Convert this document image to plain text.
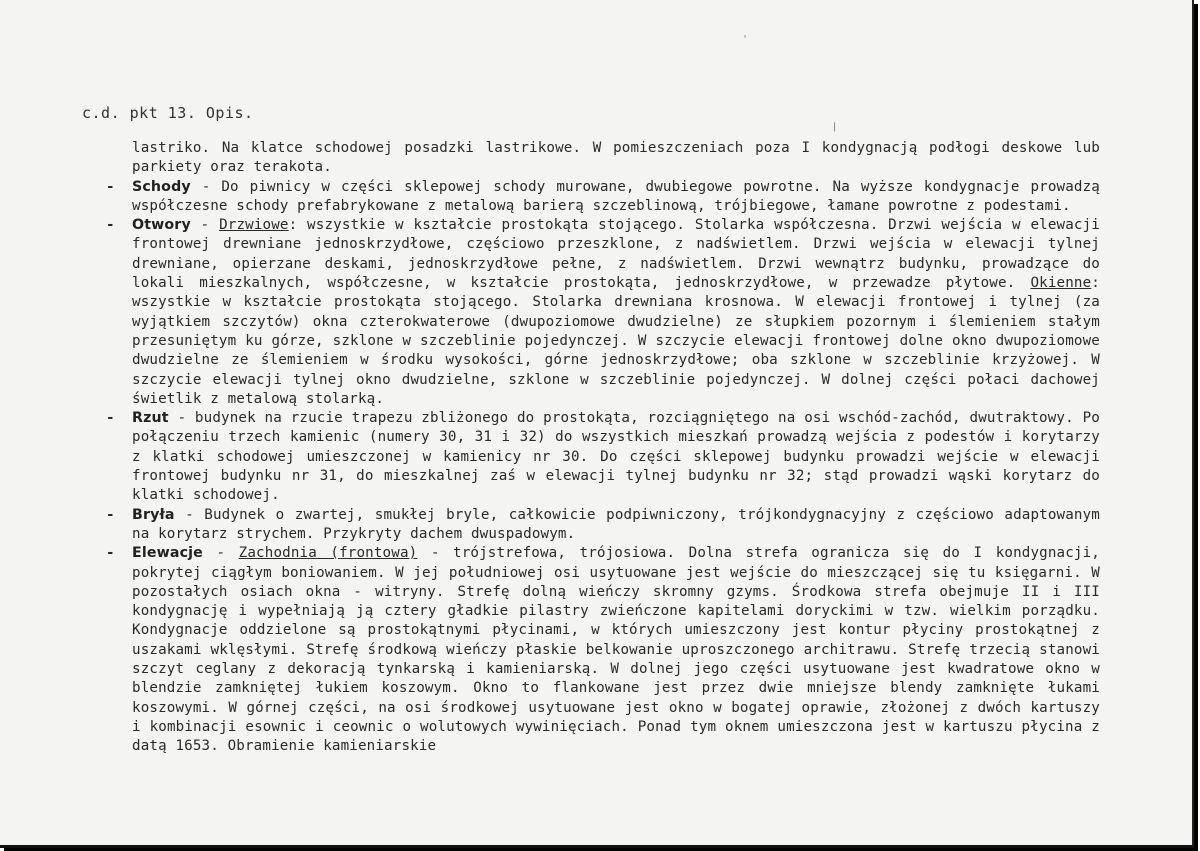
'
/
c.d. pkt 13. Opis.

lastriko. Na klatce schodowej posadzki lastrikowe. W pomieszczeniach poza I kondygnacją podłogi deskowe lub parkiety oraz terakota.

- Schody - Do piwnicy w części sklepowej schody murowane, dwubiegowe powrotne. Na wyższe kondygnacje prowadzą współczesne schody prefabrykowane z metalową barierą szczeblinową, trójbiegowe, łamane powrotne z podestami.

- Otwory - Drzwiowe: wszystkie w kształcie prostokąta stojącego. Stolarka współczesna. Drzwi wejścia w elewacji frontowej drewniane jednoskrzydłowe, częściowo przeszklone, z nadświetlem. Drzwi wejścia w elewacji tylnej drewniane, opierzane deskami, jednoskrzydłowe pełne, z nadświetlem. Drzwi wewnątrz budynku, prowadzące do lokali mieszkalnych, współczesne, w kształcie prostokąta, jednoskrzydłowe, w przewadze płytowe. Okienne: wszystkie w kształcie prostokąta stojącego. Stolarka drewniana krosnowa. W elewacji frontowej i tylnej (za wyjątkiem szczytów) okna czterokwaterowe (dwupoziomowe dwudzielne) ze słupkiem pozornym i ślemieniem stałym przesuniętym ku górze, szklone w szczeblinie pojedynczej. W szczycie elewacji frontowej dolne okno dwupoziomowe dwudzielne ze ślemieniem w środku wysokości, górne jednoskrzydłowe; oba szklone w szczeblinie krzyżowej. W szczycie elewacji tylnej okno dwudzielne, szklone w szczeblinie pojedynczej. W dolnej części połaci dachowej świetlik z metalową stolarką.

- Rzut - budynek na rzucie trapezu zbliżonego do prostokąta, rozciągniętego na osi wschód-zachód, dwutraktowy. Po połączeniu trzech kamienic (numery 30, 31 i 32) do wszystkich mieszkań prowadzą wejścia z podestów i korytarzy z klatki schodowej umieszczonej w kamienicy nr 30. Do części sklepowej budynku prowadzi wejście w elewacji frontowej budynku nr 31, do mieszkalnej zaś w elewacji tylnej budynku nr 32; stąd prowadzi wąski korytarz do klatki schodowej.

- Bryła - Budynek o zwartej, smukłej bryle, całkowicie podpiwniczony, trójkondygnacyjny z częściowo adaptowanym na korytarz strychem. Przykryty dachem dwuspadowym.

- Elewacje - Zachodnia (frontowa) - trójstrefowa, trójosiowa. Dolna strefa ogranicza się do I kondygnacji, pokrytej ciągłym boniowaniem. W jej południowej osi usytuowane jest wejście do mieszczącej się tu księgarni. W pozostałych osiach okna - witryny. Strefę dolną wieńczy skromny gzyms. Środkowa strefa obejmuje II i III kondygnację i wypełniają ją cztery gładkie pilastry zwieńczone kapitelami doryckimi w tzw. wielkim porządku. Kondygnacje oddzielone są prostokątnymi płycinami, w których umieszczony jest kontur płyciny prostokątnej z uszakami wklęsłymi. Strefę środkową wieńczy płaskie belkowanie uproszczonego architrawu. Strefę trzecią stanowi szczyt ceglany z dekoracją tynkarską i kamieniarską. W dolnej jego części usytuowane jest kwadratowe okno w blendzie zamkniętej łukiem koszowym. Okno to flankowane jest przez dwie mniejsze blendy zamknięte łukami koszowymi. W górnej części, na osi środkowej usytuowane jest okno w bogatej oprawie, złożonej z dwóch kartuszy i kombinacji esownic i ceownic o wolutowych wywinięciach. Ponad tym oknem umieszczona jest w kartuszu płycina z datą 1653. Obramienie kamieniarskie
